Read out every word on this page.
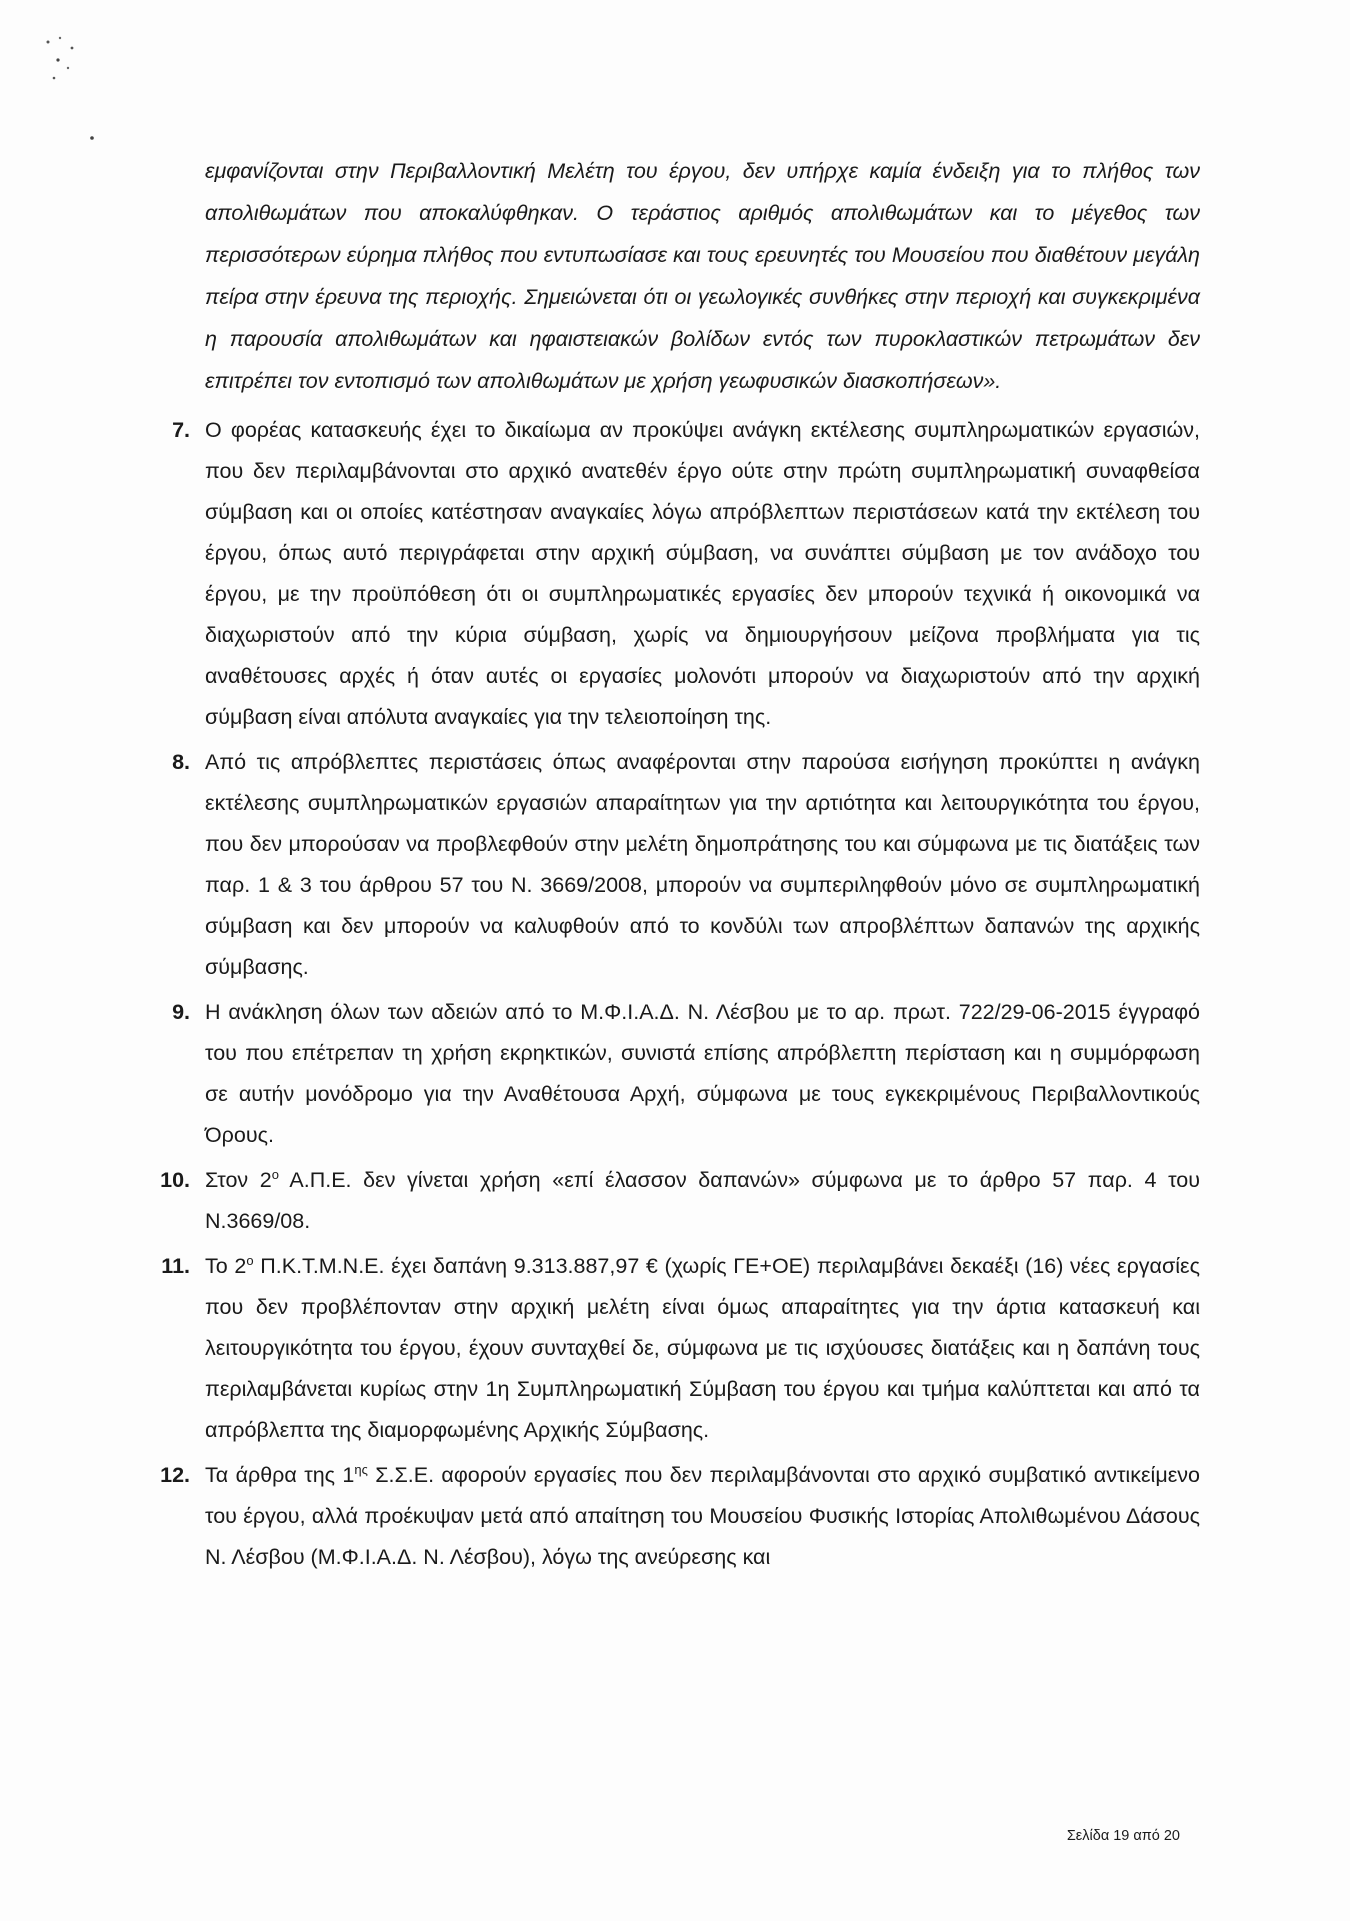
εμφανίζονται στην Περιβαλλοντική Μελέτη του έργου, δεν υπήρχε καμία ένδειξη για το πλήθος των απολιθωμάτων που αποκαλύφθηκαν. Ο τεράστιος αριθμός απολιθωμάτων και το μέγεθος των περισσότερων εύρημα πλήθος που εντυπωσίασε και τους ερευνητές του Μουσείου που διαθέτουν μεγάλη πείρα στην έρευνα της περιοχής. Σημειώνεται ότι οι γεωλογικές συνθήκες στην περιοχή και συγκεκριμένα η παρουσία απολιθωμάτων και ηφαιστειακών βολίδων εντός των πυροκλαστικών πετρωμάτων δεν επιτρέπει τον εντοπισμό των απολιθωμάτων με χρήση γεωφυσικών διασκοπήσεων».

7. Ο φορέας κατασκευής έχει το δικαίωμα αν προκύψει ανάγκη εκτέλεσης συμπληρωματικών εργασιών, που δεν περιλαμβάνονται στο αρχικό ανατεθέν έργο ούτε στην πρώτη συμπληρωματική συναφθείσα σύμβαση και οι οποίες κατέστησαν αναγκαίες λόγω απρόβλεπτων περιστάσεων κατά την εκτέλεση του έργου, όπως αυτό περιγράφεται στην αρχική σύμβαση, να συνάπτει σύμβαση με τον ανάδοχο του έργου, με την προϋπόθεση ότι οι συμπληρωματικές εργασίες δεν μπορούν τεχνικά ή οικονομικά να διαχωριστούν από την κύρια σύμβαση, χωρίς να δημιουργήσουν μείζονα προβλήματα για τις αναθέτουσες αρχές ή όταν αυτές οι εργασίες μολονότι μπορούν να διαχωριστούν από την αρχική σύμβαση είναι απόλυτα αναγκαίες για την τελειοποίηση της.
8. Από τις απρόβλεπτες περιστάσεις όπως αναφέρονται στην παρούσα εισήγηση προκύπτει η ανάγκη εκτέλεσης συμπληρωματικών εργασιών απαραίτητων για την αρτιότητα και λειτουργικότητα του έργου, που δεν μπορούσαν να προβλεφθούν στην μελέτη δημοπράτησης του και σύμφωνα με τις διατάξεις των παρ. 1 & 3 του άρθρου 57 του Ν. 3669/2008, μπορούν να συμπεριληφθούν μόνο σε συμπληρωματική σύμβαση και δεν μπορούν να καλυφθούν από το κονδύλι των απροβλέπτων δαπανών της αρχικής σύμβασης.
9. Η ανάκληση όλων των αδειών από το Μ.Φ.Ι.Α.Δ. Ν. Λέσβου με το αρ. πρωτ. 722/29-06-2015 έγγραφό του που επέτρεπαν τη χρήση εκρηκτικών, συνιστά επίσης απρόβλεπτη περίσταση και η συμμόρφωση σε αυτήν μονόδρομο για την Αναθέτουσα Αρχή, σύμφωνα με τους εγκεκριμένους Περιβαλλοντικούς Όρους.
10. Στον $2^o$ Α.Π.Ε. δεν γίνεται χρήση «επί έλασσον δαπανών» σύμφωνα με το άρθρο 57 παρ. 4 του Ν.3669/08.
11. Το $2^o$ Π.Κ.Τ.Μ.Ν.Ε. έχει δαπάνη 9.313.887,97 € (χωρίς ΓΕ+ΟΕ) περιλαμβάνει δεκαέξι (16) νέες εργασίες που δεν προβλέπονταν στην αρχική μελέτη είναι όμως απαραίτητες για την άρτια κατασκευή και λειτουργικότητα του έργου, έχουν συνταχθεί δε, σύμφωνα με τις ισχύουσες διατάξεις και η δαπάνη τους περιλαμβάνεται κυρίως στην 1η Συμπληρωματική Σύμβαση του έργου και τμήμα καλύπτεται και από τα απρόβλεπτα της διαμορφωμένης Αρχικής Σύμβασης.
12. Τα άρθρα της $1^{\eta\varsigma}$ Σ.Σ.Ε. αφορούν εργασίες που δεν περιλαμβάνονται στο αρχικό συμβατικό αντικείμενο του έργου, αλλά προέκυψαν μετά από απαίτηση του Μουσείου Φυσικής Ιστορίας Απολιθωμένου Δάσους Ν. Λέσβου (Μ.Φ.Ι.Α.Δ. Ν. Λέσβου), λόγω της ανεύρεσης και
Σελίδα 19 από 20
